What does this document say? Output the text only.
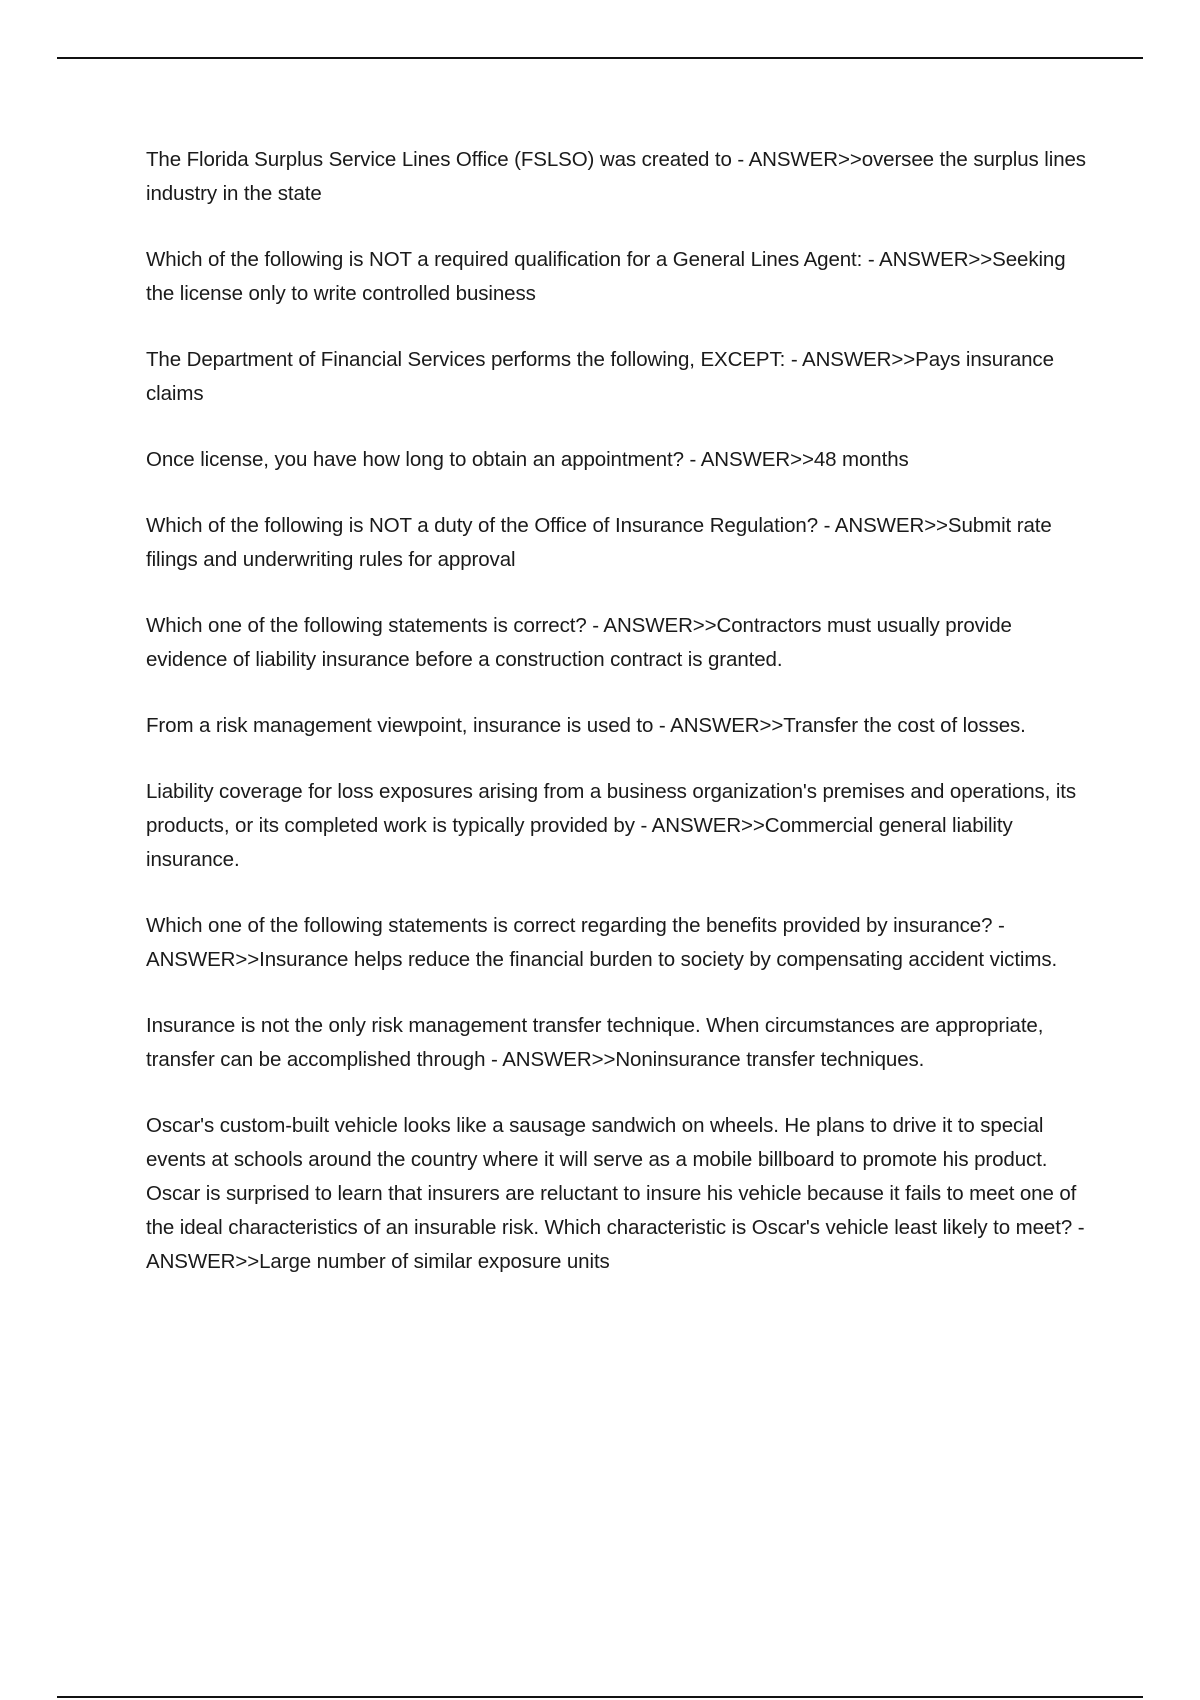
The Florida Surplus Service Lines Office (FSLSO) was created to - ANSWER>>oversee the surplus lines industry in the state

Which of the following is NOT a required qualification for a General Lines Agent: - ANSWER>>Seeking the license only to write controlled business

The Department of Financial Services performs the following, EXCEPT: - ANSWER>>Pays insurance claims

Once license, you have how long to obtain an appointment? - ANSWER>>48 months

Which of the following is NOT a duty of the Office of Insurance Regulation? - ANSWER>>Submit rate filings and underwriting rules for approval

Which one of the following statements is correct? - ANSWER>>Contractors must usually provide evidence of liability insurance before a construction contract is granted.

From a risk management viewpoint, insurance is used to - ANSWER>>Transfer the cost of losses.

Liability coverage for loss exposures arising from a business organization's premises and operations, its products, or its completed work is typically provided by - ANSWER>>Commercial general liability insurance.

Which one of the following statements is correct regarding the benefits provided by insurance? - ANSWER>>Insurance helps reduce the financial burden to society by compensating accident victims.

Insurance is not the only risk management transfer technique. When circumstances are appropriate, transfer can be accomplished through - ANSWER>>Noninsurance transfer techniques.

Oscar's custom-built vehicle looks like a sausage sandwich on wheels. He plans to drive it to special events at schools around the country where it will serve as a mobile billboard to promote his product. Oscar is surprised to learn that insurers are reluctant to insure his vehicle because it fails to meet one of the ideal characteristics of an insurable risk. Which characteristic is Oscar's vehicle least likely to meet? - ANSWER>>Large number of similar exposure units
